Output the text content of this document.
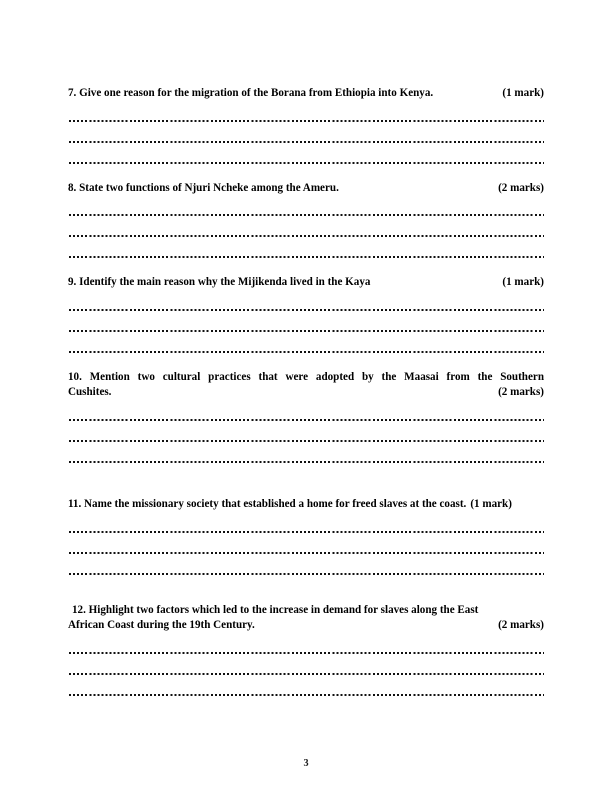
7. Give one reason for the migration of the Borana from Ethiopia into Kenya.	(1 mark)
8. State two functions of Njuri Ncheke among the Ameru.	(2 marks)
9. Identify the main reason why the Mijikenda lived in the Kaya	(1 mark)
10. Mention two cultural practices that were adopted by the Maasai from the Southern
Cushites.	(2 marks)
11. Name the missionary society that established a home for freed slaves at the coast. (1 mark)
12. Highlight two factors which led to the increase in demand for slaves along the East
African Coast during the 19th Century.	(2 marks)
3
